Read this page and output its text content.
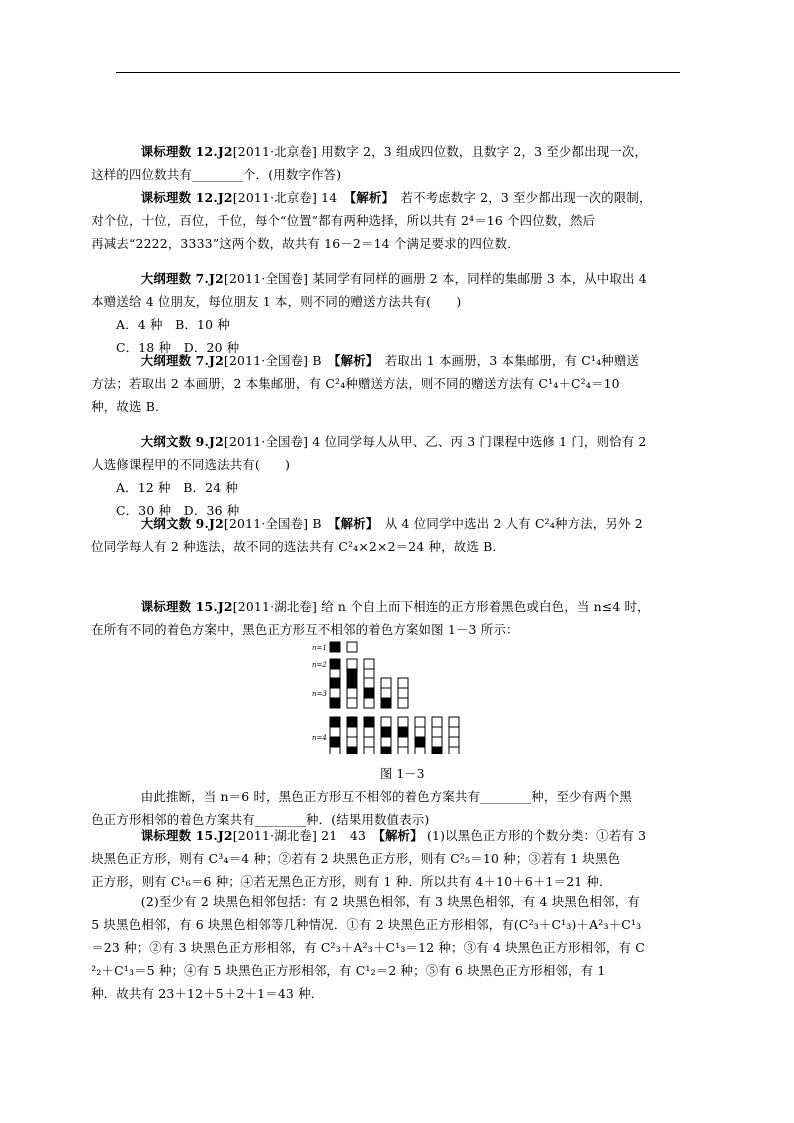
课标理数 12.J2[2011·北京卷] 用数字 2，3 组成四位数，且数字 2，3 至少都出现一次，
这样的四位数共有________个．(用数字作答)

课标理数 12.J2[2011·北京卷] 14　【解析】　若不考虑数字 2，3 至少都出现一次的限制，
对个位，十位，百位，千位，每个“位置”都有两种选择，所以共有 2⁴＝16 个四位数，然后
再减去“2222，3333”这两个数，故共有 16－2＝14 个满足要求的四位数．

大纲理数 7.J2[2011·全国卷] 某同学有同样的画册 2 本，同样的集邮册 3 本，从中取出 4
本赠送给 4 位朋友，每位朋友 1 本，则不同的赠送方法共有(　　)
A．4 种　B．10 种
C．18 种　D．20 种

大纲理数 7.J2[2011·全国卷] B　【解析】　若取出 1 本画册，3 本集邮册，有 C¹₄种赠送
方法；若取出 2 本画册，2 本集邮册，有 C²₄种赠送方法，则不同的赠送方法有 C¹₄＋C²₄＝10
种，故选 B.

大纲文数 9.J2[2011·全国卷] 4 位同学每人从甲、乙、丙 3 门课程中选修 1 门，则恰有 2
人选修课程甲的不同选法共有(　　)
A．12 种　B．24 种
C．30 种　D．36 种

大纲文数 9.J2[2011·全国卷] B　【解析】　从 4 位同学中选出 2 人有 C²₄种方法，另外 2
位同学每人有 2 种选法，故不同的选法共有 C²₄×2×2＝24 种，故选 B.

课标理数 15.J2[2011·湖北卷] 给 n 个自上而下相连的正方形着黑色或白色，当 n≤4 时，
在所有不同的着色方案中，黑色正方形互不相邻的着色方案如图 1－3 所示：

n=1
n=2
n=3
n=4
图 1－3

由此推断，当 n＝6 时，黑色正方形互不相邻的着色方案共有________种，至少有两个黑
色正方形相邻的着色方案共有________种．(结果用数值表示)

课标理数 15.J2[2011·湖北卷] 21　43　【解析】 (1)以黑色正方形的个数分类：①若有 3
块黑色正方形，则有 C³₄＝4 种；②若有 2 块黑色正方形，则有 C²₅＝10 种；③若有 1 块黑色
正方形，则有 C¹₆＝6 种；④若无黑色正方形，则有 1 种．所以共有 4＋10＋6＋1＝21 种．

(2)至少有 2 块黑色相邻包括：有 2 块黑色相邻，有 3 块黑色相邻，有 4 块黑色相邻，有
5 块黑色相邻，有 6 块黑色相邻等几种情况．①有 2 块黑色正方形相邻，有(C²₃＋C¹₃)＋A²₃＋C¹₃
＝23 种；②有 3 块黑色正方形相邻，有 C²₃＋A²₃＋C¹₃＝12 种；③有 4 块黑色正方形相邻，有 C
²₂＋C¹₃＝5 种；④有 5 块黑色正方形相邻，有 C¹₂＝2 种；⑤有 6 块黑色正方形相邻，有 1
种．故共有 23＋12＋5＋2＋1＝43 种．
